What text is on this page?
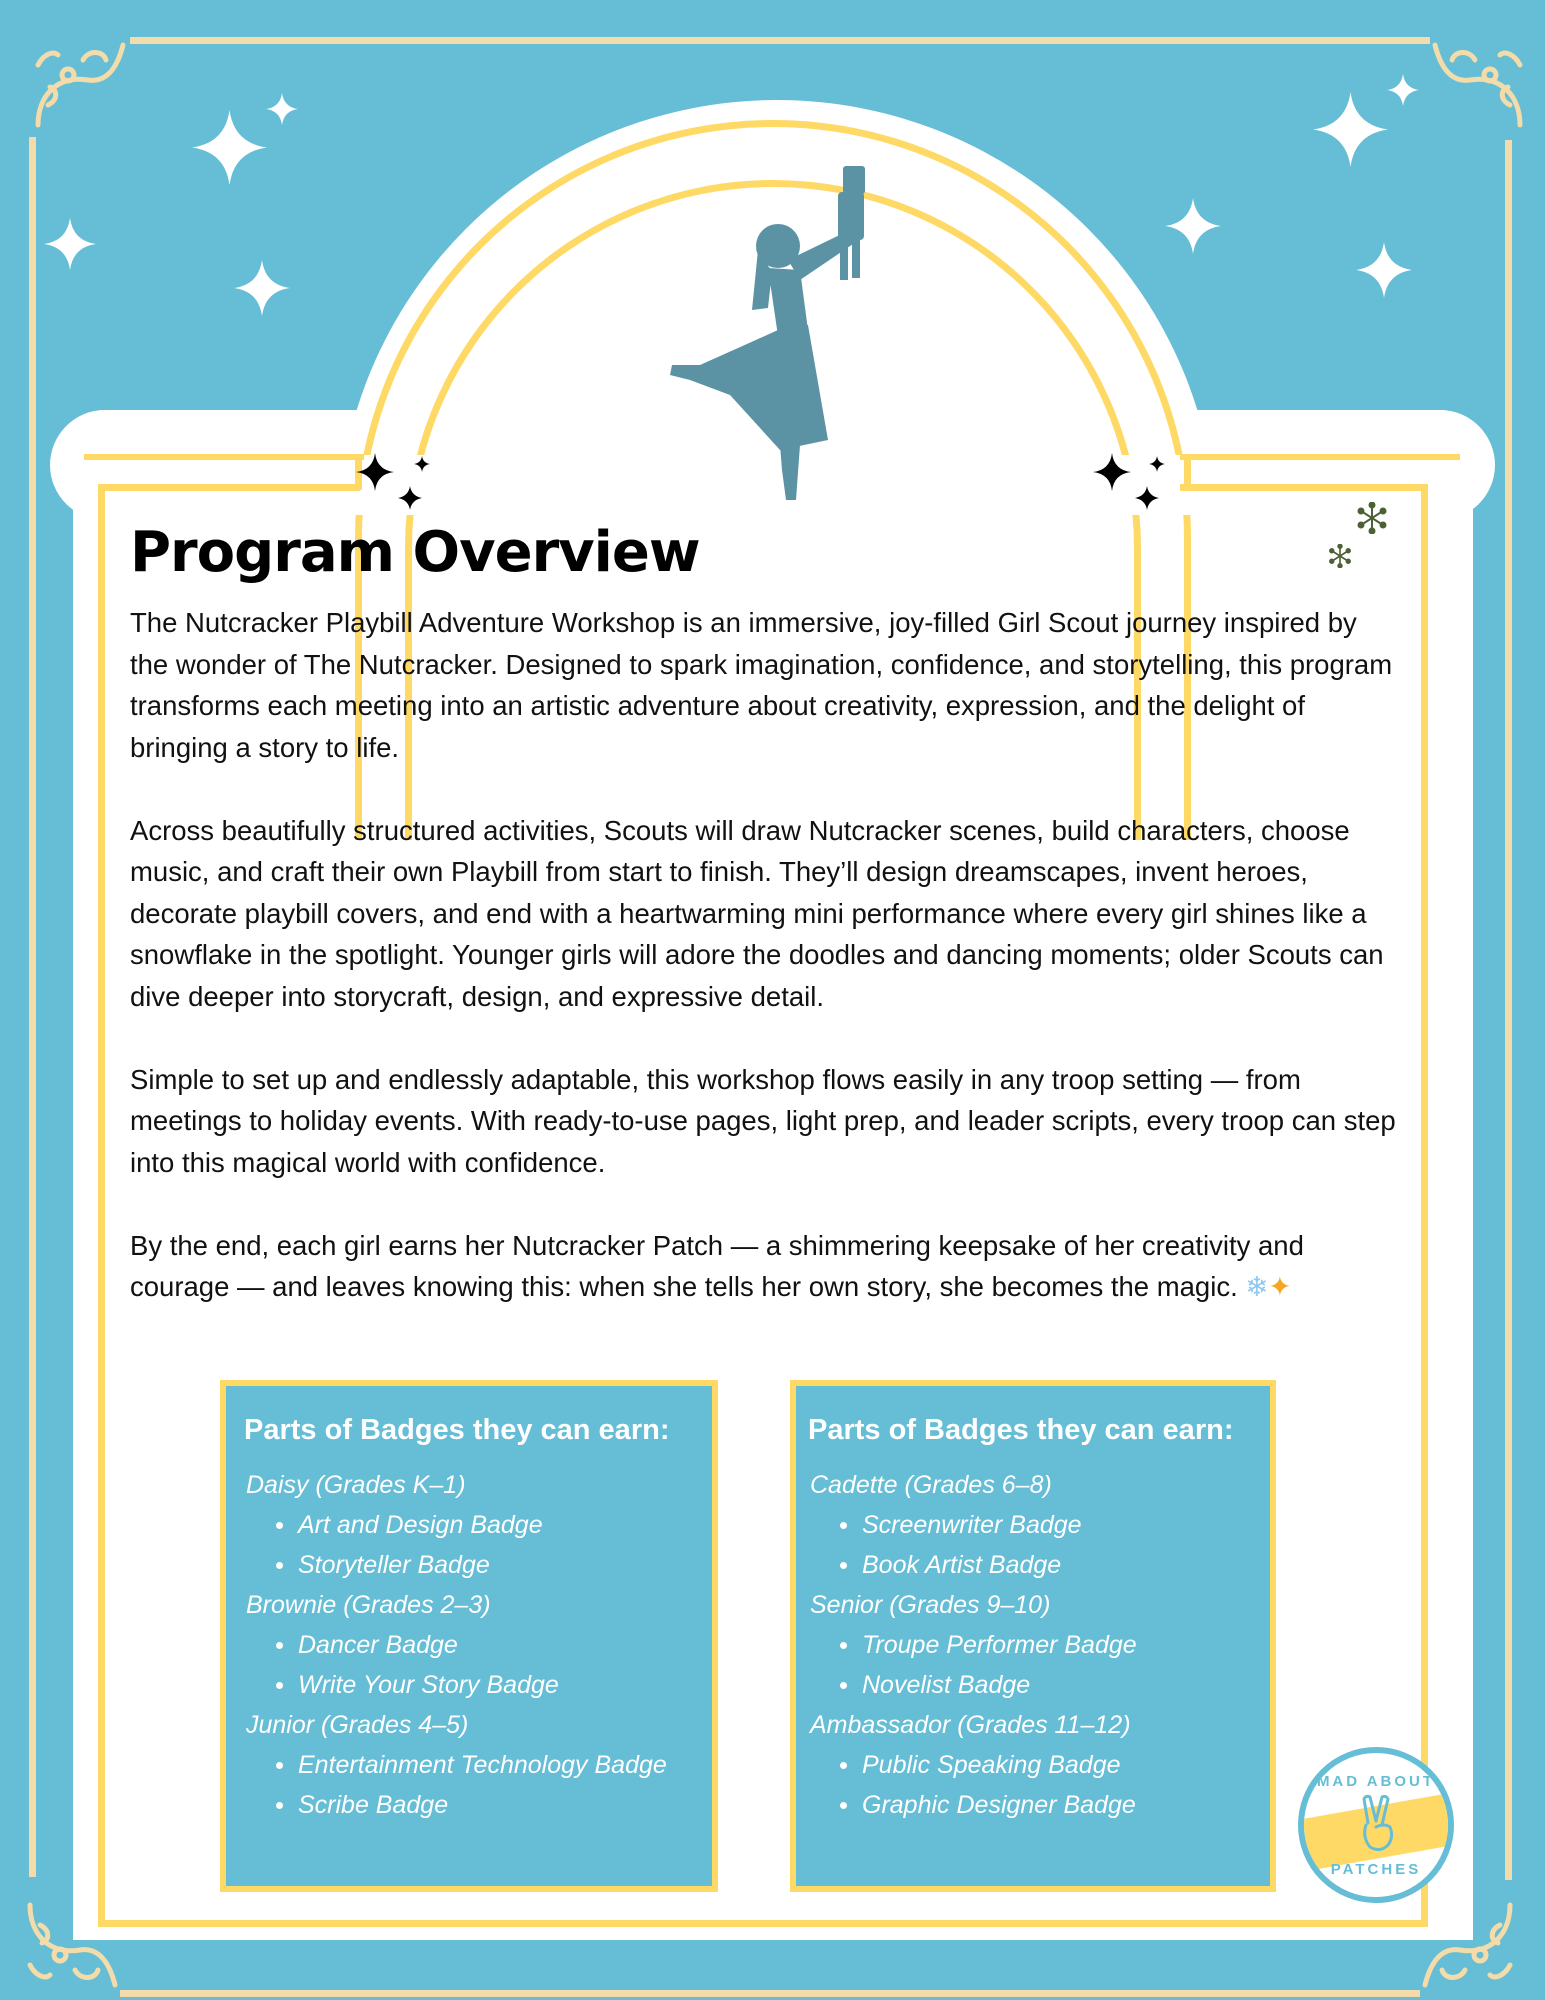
Program Overview

The Nutcracker Playbill Adventure Workshop is an immersive, joy-filled Girl Scout journey inspired by the wonder of The Nutcracker. Designed to spark imagination, confidence, and storytelling, this program transforms each meeting into an artistic adventure about creativity, expression, and the delight of bringing a story to life.

Across beautifully structured activities, Scouts will draw Nutcracker scenes, build characters, choose music, and craft their own Playbill from start to finish. They’ll design dreamscapes, invent heroes, decorate playbill covers, and end with a heartwarming mini performance where every girl shines like a snowflake in the spotlight. Younger girls will adore the doodles and dancing moments; older Scouts can dive deeper into storycraft, design, and expressive detail.

Simple to set up and endlessly adaptable, this workshop flows easily in any troop setting — from meetings to holiday events. With ready-to-use pages, light prep, and leader scripts, every troop can step into this magical world with confidence.

By the end, each girl earns her Nutcracker Patch — a shimmering keepsake of her creativity and courage — and leaves knowing this: when she tells her own story, she becomes the magic. ❄✦

Parts of Badges they can earn:
Daisy (Grades K–1)
Art and Design Badge
Storyteller Badge
Brownie (Grades 2–3)
Dancer Badge
Write Your Story Badge
Junior (Grades 4–5)
Entertainment Technology Badge
Scribe Badge
Parts of Badges they can earn:
Cadette (Grades 6–8)
Screenwriter Badge
Book Artist Badge
Senior (Grades 9–10)
Troupe Performer Badge
Novelist Badge
Ambassador (Grades 11–12)
Public Speaking Badge
Graphic Designer Badge
MAD ABOUT
PATCHES
